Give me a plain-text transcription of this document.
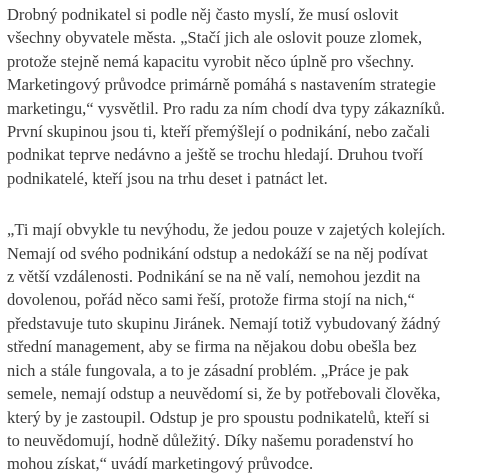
Drobný podnikatel si podle něj často myslí, že musí oslovit
všechny obyvatele města. „Stačí jich ale oslovit pouze zlomek,
protože stejně nemá kapacitu vyrobit něco úplně pro všechny.
Marketingový průvodce primárně pomáhá s nastavením strategie
marketingu,“ vysvětlil. Pro radu za ním chodí dva typy zákazníků.
První skupinou jsou ti, kteří přemýšlejí o podnikání, nebo začali
podnikat teprve nedávno a ještě se trochu hledají. Druhou tvoří
podnikatelé, kteří jsou na trhu deset i patnáct let.

„Ti mají obvykle tu nevýhodu, že jedou pouze v zajetých kolejích.
Nemají od svého podnikání odstup a nedokáží se na něj podívat
z větší vzdálenosti. Podnikání se na ně valí, nemohou jezdit na
dovolenou, pořád něco sami řeší, protože firma stojí na nich,“
představuje tuto skupinu Jiránek. Nemají totiž vybudovaný žádný
střední management, aby se firma na nějakou dobu obešla bez
nich a stále fungovala, a to je zásadní problém. „Práce je pak
semele, nemají odstup a neuvědomí si, že by potřebovali člověka,
který by je zastoupil. Odstup je pro spoustu podnikatelů, kteří si
to neuvědomují, hodně důležitý. Díky našemu poradenství ho
mohou získat,“ uvádí marketingový průvodce.
